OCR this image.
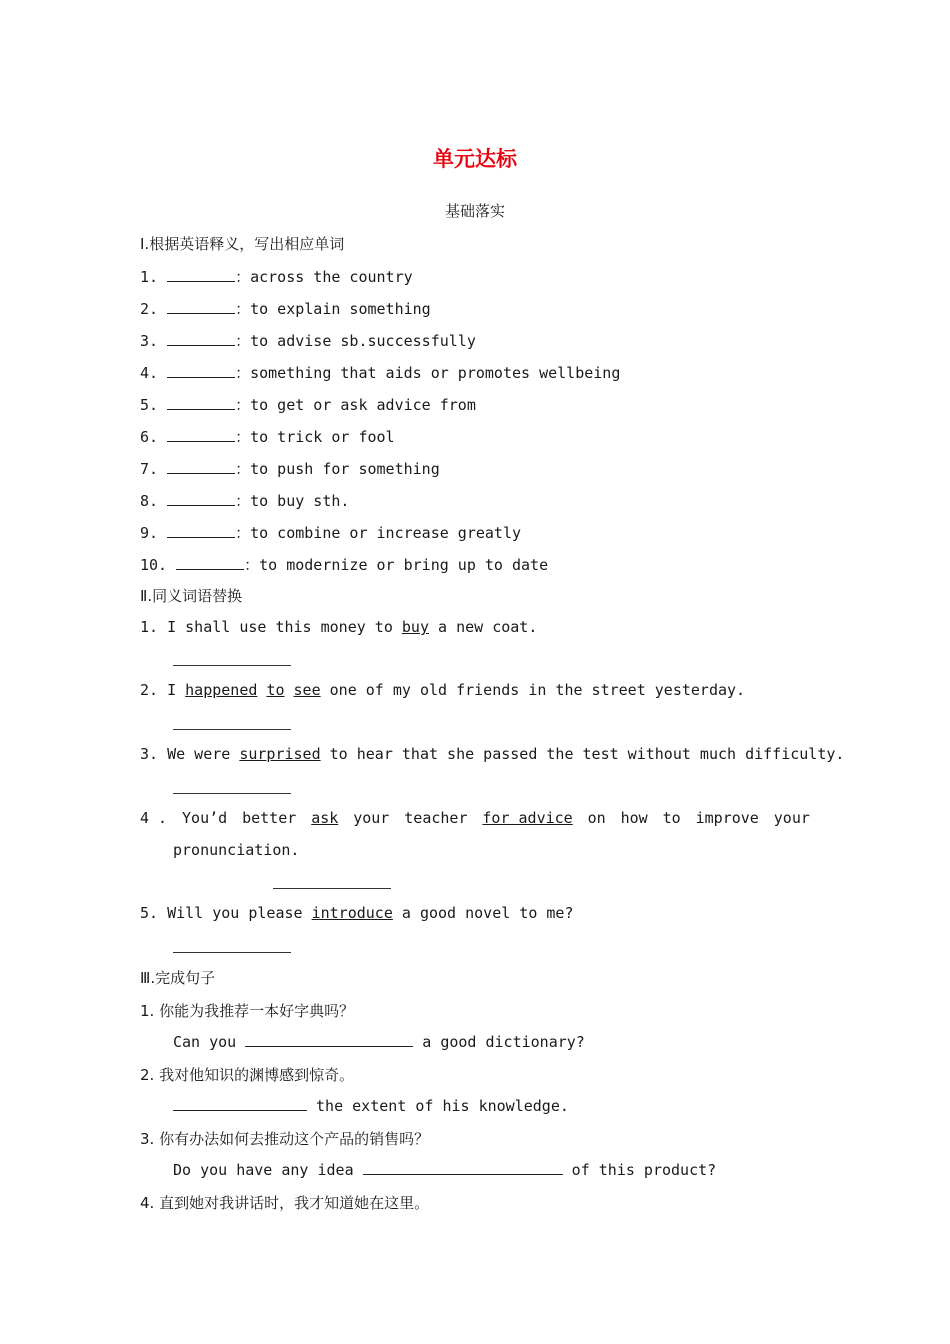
单元达标
基础落实
Ⅰ.根据英语释义，写出相应单词
1.	：across the country
2.	：to explain something
3.	：to advise sb.successfully
4.	：something that aids or promotes wellbeing
5.	：to get or ask advice from
6.	：to trick or fool
7.	：to push for something
8.	：to buy sth.
9.	：to combine or increase greatly
10.	：to modernize or bring up to date
Ⅱ.同义词语替换
1. I shall use this money to buy a new coat.
2. I happened to see one of my old friends in the street yesterday.
3. We were surprised to hear that she passed the test without much difficulty.
4 . You’d better ask your teacher for advice on how to improve your
pronunciation.
5. Will you please introduce a good novel to me?
Ⅲ.完成句子
1. 你能为我推荐一本好字典吗？
Can you	a good dictionary?
2. 我对他知识的渊博感到惊奇。
the extent of his knowledge.
3. 你有办法如何去推动这个产品的销售吗？
Do you have any idea	of this product?
4. 直到她对我讲话时，我才知道她在这里。
